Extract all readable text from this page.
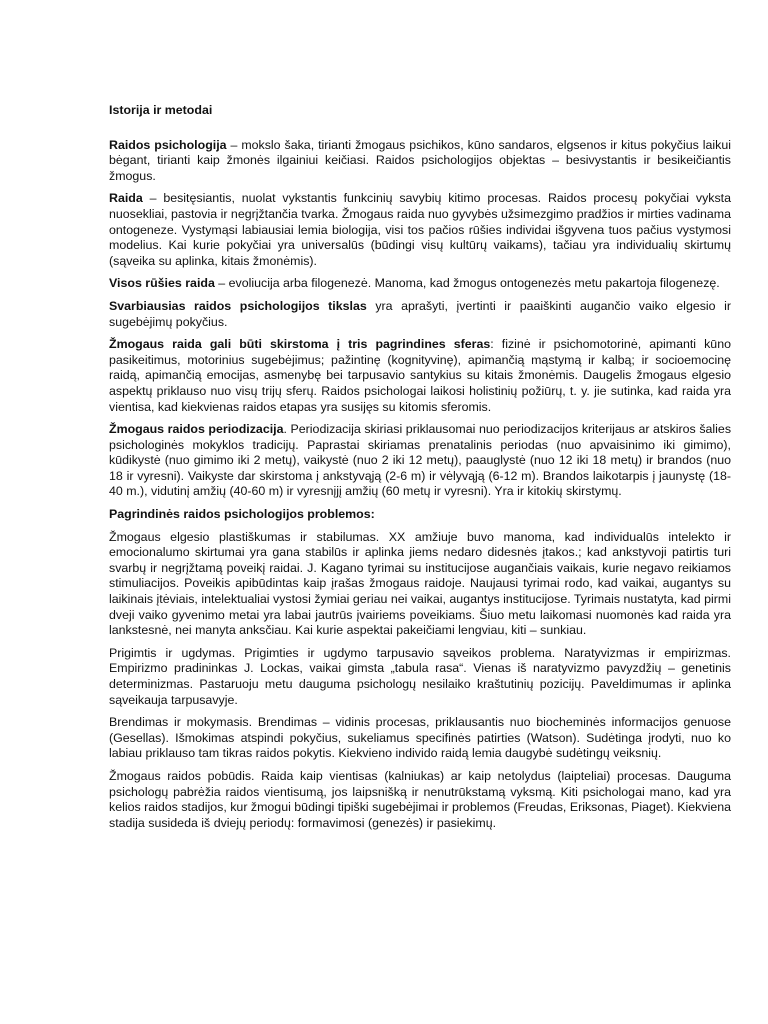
Istorija ir metodai

Raidos psichologija – mokslo šaka, tirianti žmogaus psichikos, kūno sandaros, elgsenos ir kitus pokyčius laikui bėgant, tirianti kaip žmonės ilgainiui keičiasi. Raidos psichologijos objektas – besivystantis ir besikeičiantis žmogus.

Raida – besitęsiantis, nuolat vykstantis funkcinių savybių kitimo procesas. Raidos procesų pokyčiai vyksta nuosekliai, pastovia ir negrįžtančia tvarka. Žmogaus raida nuo gyvybės užsimezgimo pradžios ir mirties vadinama ontogeneze. Vystymąsi labiausiai lemia biologija, visi tos pačios rūšies individai išgyvena tuos pačius vystymosi modelius. Kai kurie pokyčiai yra universalūs (būdingi visų kultūrų vaikams), tačiau yra individualių skirtumų (sąveika su aplinka, kitais žmonėmis).

Visos rūšies raida – evoliucija arba filogenezė. Manoma, kad žmogus ontogenezės metu pakartoja filogenezę.

Svarbiausias raidos psichologijos tikslas yra aprašyti, įvertinti ir paaiškinti augančio vaiko elgesio ir sugebėjimų pokyčius.

Žmogaus raida gali būti skirstoma į tris pagrindines sferas: fizinė ir psichomotorinė, apimanti kūno pasikeitimus, motorinius sugebėjimus; pažintinę (kognityvinę), apimančią mąstymą ir kalbą; ir socioemocinę raidą, apimančią emocijas, asmenybę bei tarpusavio santykius su kitais žmonėmis. Daugelis žmogaus elgesio aspektų priklauso nuo visų trijų sferų. Raidos psichologai laikosi holistinių požiūrų, t. y. jie sutinka, kad raida yra vientisa, kad kiekvienas raidos etapas yra susijęs su kitomis sferomis.

Žmogaus raidos periodizacija. Periodizacija skiriasi priklausomai nuo periodizacijos kriterijaus ar atskiros šalies psichologinės mokyklos tradicijų. Paprastai skiriamas prenatalinis periodas (nuo apvaisinimo iki gimimo), kūdikystė (nuo gimimo iki 2 metų), vaikystė (nuo 2 iki 12 metų), paauglystė (nuo 12 iki 18 metų) ir brandos (nuo 18 ir vyresni). Vaikyste dar skirstoma į ankstyvąją (2-6 m) ir vėlyvąją (6-12 m). Brandos laikotarpis į jaunystę (18-40 m.), vidutinį amžių (40-60 m) ir vyresnįjį amžių (60 metų ir vyresni). Yra ir kitokių skirstymų.

Pagrindinės raidos psichologijos problemos:

Žmogaus elgesio plastiškumas ir stabilumas. XX amžiuje buvo manoma, kad individualūs intelekto ir emocionalumo skirtumai yra gana stabilūs ir aplinka jiems nedaro didesnės įtakos.; kad ankstyvoji patirtis turi svarbų ir negrįžtamą poveikį raidai. J. Kagano tyrimai su institucijose auganč​iais vaikais, kurie negavo reikiamos stimuliacijos. Poveikis apibūdintas kaip įrašas žmogaus raidoje. Naujausi tyrimai rodo, kad vaikai, augantys su laikinais įtėviais, intelektualiai vystosi žymiai geriau nei vaikai, augantys institucijose. Tyrimais nustatyta, kad pirmi dveji vaiko gyvenimo metai yra labai jautrūs įvairiems poveikiams. Šiuo metu laikomasi nuomonės kad raida yra lankstesnė, nei manyta anksčiau. Kai kurie aspektai pakeičiami lengviau, kiti – sunkiau.

Prigimtis ir ugdymas. Prigimties ir ugdymo tarpusavio sąveikos problema. Naratyvizmas ir empirizmas. Empirizmo pradininkas J. Lockas, vaikai gimsta „tabula rasa“. Vienas iš naratyvizmo pavyzdžių – genetinis determinizmas. Pastaruoju metu dauguma psichologų nesilaiko kraštutinių pozicijų. Paveldimumas ir aplinka sąveikauja tarpusavyje.

Brendimas ir mokymasis. Brendimas – vidinis procesas, priklausantis nuo biocheminės informacijos genuose (Gesellas). Išmokimas atspindi pokyčius, sukeliamus specifinės patirties (Watson). Sudėtinga įrodyti, nuo ko labiau priklauso tam tikras raidos pokytis. Kiekvieno individo raidą lemia daugybė sudėtingų veiksnių.

Žmogaus raidos pobūdis. Raida kaip vientisas (kalniukas) ar kaip netolydus (laipteliai) procesas. Dauguma psichologų pabrėžia raidos vientisumą, jos laipsnišką ir nenutrūkstamą vyksmą. Kiti psichologai mano, kad yra kelios raidos stadijos, kur žmogui būdingi tipiški sugebėjimai ir problemos (Freudas, Eriksonas, Piaget). Kiekviena stadija susideda iš dviejų periodų: formavimosi (genezės) ir pasiekimų.
